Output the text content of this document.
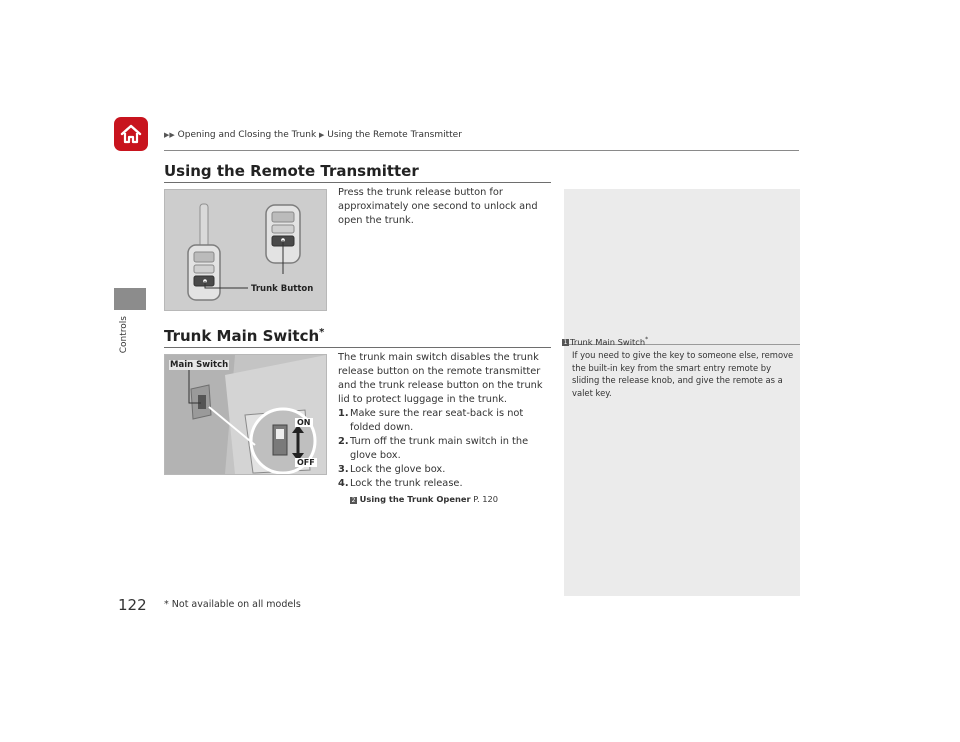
▶▶ Opening and Closing the Trunk ▶ Using the Remote Transmitter
Controls
Using the Remote Transmitter
Trunk Button

Press the trunk release button for approximately one second to unlock and open the trunk.

Trunk Main Switch*
Main Switch
ON
OFF

The trunk main switch disables the trunk release button on the remote transmitter and the trunk release button on the trunk lid to protect luggage in the trunk.

1. Make sure the rear seat-back is not folded down.
2. Turn off the trunk main switch in the glove box.
3. Lock the glove box.
4. Lock the trunk release.
2 Using the Trunk Opener P. 120
1 Trunk Main Switch*
If you need to give the key to someone else, remove the built-in key from the smart entry remote by sliding the release knob, and give the remote as a valet key.
122 * Not available on all models
